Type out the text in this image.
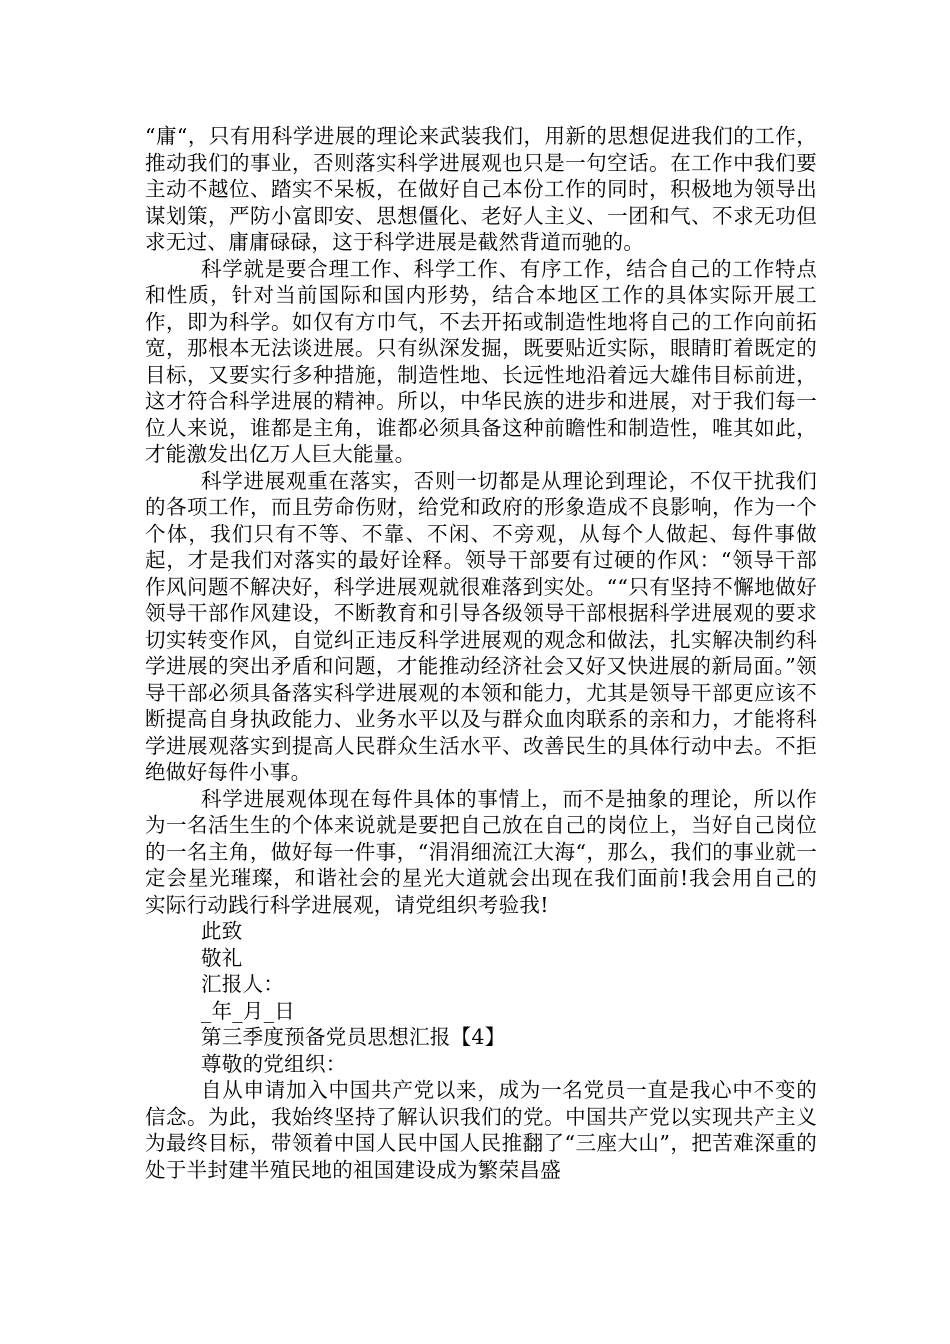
“庸“，只有用科学进展的理论来武装我们，用新的思想促进我们的工作，推动我们的事业，否则落实科学进展观也只是一句空话。在工作中我们要主动不越位、踏实不呆板，在做好自己本份工作的同时，积极地为领导出谋划策，严防小富即安、思想僵化、老好人主义、一团和气、不求无功但求无过、庸庸碌碌，这于科学进展是截然背道而驰的。

科学就是要合理工作、科学工作、有序工作，结合自己的工作特点和性质，针对当前国际和国内形势，结合本地区工作的具体实际开展工作，即为科学。如仅有方巾气，不去开拓或制造性地将自己的工作向前拓宽，那根本无法谈进展。只有纵深发掘，既要贴近实际，眼睛盯着既定的目标，又要实行多种措施，制造性地、长远性地沿着远大雄伟目标前进，这才符合科学进展的精神。所以，中华民族的进步和进展，对于我们每一位人来说，谁都是主角，谁都必须具备这种前瞻性和制造性，唯其如此，才能激发出亿万人巨大能量。

科学进展观重在落实，否则一切都是从理论到理论，不仅干扰我们的各项工作，而且劳命伤财，给党和政府的形象造成不良影响，作为一个个体，我们只有不等、不靠、不闲、不旁观，从每个人做起、每件事做起，才是我们对落实的最好诠释。领导干部要有过硬的作风：“领导干部作风问题不解决好，科学进展观就很难落到实处。““只有坚持不懈地做好领导干部作风建设，不断教育和引导各级领导干部根据科学进展观的要求切实转变作风，自觉纠正违反科学进展观的观念和做法，扎实解决制约科学进展的突出矛盾和问题，才能推动经济社会又好又快进展的新局面。”领导干部必须具备落实科学进展观的本领和能力，尤其是领导干部更应该不断提高自身执政能力、业务水平以及与群众血肉联系的亲和力，才能将科学进展观落实到提高人民群众生活水平、改善民生的具体行动中去。不拒绝做好每件小事。

科学进展观体现在每件具体的事情上，而不是抽象的理论，所以作为一名活生生的个体来说就是要把自己放在自己的岗位上，当好自己岗位的一名主角，做好每一件事，“涓涓细流江大海“，那么，我们的事业就一定会星光璀璨，和谐社会的星光大道就会出现在我们面前!我会用自己的实际行动践行科学进展观，请党组织考验我!

此致

敬礼

汇报人：

_年_月_日

第三季度预备党员思想汇报【4】

尊敬的党组织：

自从申请加入中国共产党以来，成为一名党员一直是我心中不变的信念。为此，我始终坚持了解认识我们的党。中国共产党以实现共产主义为最终目标，带领着中国人民中国人民推翻了“三座大山”，把苦难深重的处于半封建半殖民地的祖国建设成为繁荣昌盛
